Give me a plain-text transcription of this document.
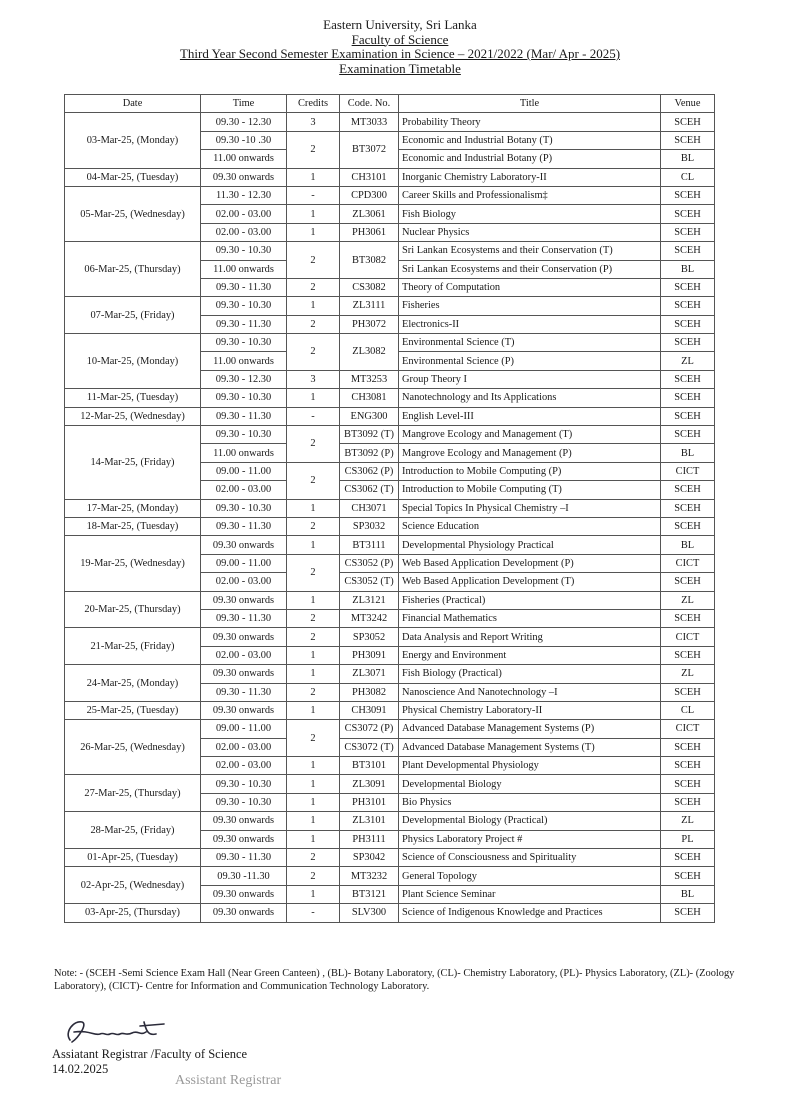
Eastern University, Sri Lanka
Faculty of Science
Third Year Second Semester Examination in Science – 2021/2022 (Mar/ Apr - 2025)
Examination Timetable
Date	Time	Credits	Code. No.	Title	Venue
03-Mar-25, (Monday)	09.30 - 12.30	3	MT3033	Probability Theory	SCEH
	09.30 -10 .30	2	BT3072	Economic and Industrial Botany (T)	SCEH
	11.00 onwards			Economic and Industrial Botany (P)	BL
04-Mar-25, (Tuesday)	09.30 onwards	1	CH3101	Inorganic Chemistry Laboratory-II	CL
05-Mar-25, (Wednesday)	11.30 - 12.30	-	CPD300	Career Skills and Professionalism‡	SCEH
	02.00 - 03.00	1	ZL3061	Fish Biology	SCEH
	02.00 - 03.00	1	PH3061	Nuclear Physics	SCEH
06-Mar-25, (Thursday)	09.30 - 10.30	2	BT3082	Sri Lankan Ecosystems and their Conservation (T)	SCEH
	11.00 onwards			Sri Lankan Ecosystems and their Conservation (P)	BL
	09.30 - 11.30	2	CS3082	Theory of Computation	SCEH
07-Mar-25, (Friday)	09.30 - 10.30	1	ZL3111	Fisheries	SCEH
	09.30 - 11.30	2	PH3072	Electronics-II	SCEH
10-Mar-25, (Monday)	09.30 - 10.30	2	ZL3082	Environmental Science (T)	SCEH
	11.00 onwards			Environmental Science (P)	ZL
	09.30 - 12.30	3	MT3253	Group Theory I	SCEH
11-Mar-25, (Tuesday)	09.30 - 10.30	1	CH3081	Nanotechnology and Its Applications	SCEH
12-Mar-25, (Wednesday)	09.30 - 11.30	-	ENG300	English Level-III	SCEH
14-Mar-25, (Friday)	09.30 - 10.30	2	BT3092 (T)	Mangrove Ecology and Management (T)	SCEH
	11.00 onwards		BT3092 (P)	Mangrove Ecology and Management (P)	BL
	09.00 - 11.00	2	CS3062 (P)	Introduction to Mobile Computing (P)	CICT
	02.00 - 03.00		CS3062 (T)	Introduction to Mobile Computing (T)	SCEH
17-Mar-25, (Monday)	09.30 - 10.30	1	CH3071	Special Topics In Physical Chemistry –I	SCEH
18-Mar-25, (Tuesday)	09.30 - 11.30	2	SP3032	Science Education	SCEH
19-Mar-25, (Wednesday)	09.30 onwards	1	BT3111	Developmental Physiology Practical	BL
	09.00 - 11.00	2	CS3052 (P)	Web Based Application Development (P)	CICT
	02.00 - 03.00		CS3052 (T)	Web Based Application Development (T)	SCEH
20-Mar-25, (Thursday)	09.30 onwards	1	ZL3121	Fisheries (Practical)	ZL
	09.30 - 11.30	2	MT3242	Financial Mathematics	SCEH
21-Mar-25, (Friday)	09.30 onwards	2	SP3052	Data Analysis and Report Writing	CICT
	02.00 - 03.00	1	PH3091	Energy and Environment	SCEH
24-Mar-25, (Monday)	09.30 onwards	1	ZL3071	Fish Biology (Practical)	ZL
	09.30 - 11.30	2	PH3082	Nanoscience And Nanotechnology –I	SCEH
25-Mar-25, (Tuesday)	09.30 onwards	1	CH3091	Physical Chemistry Laboratory-II	CL
26-Mar-25, (Wednesday)	09.00 - 11.00	2	CS3072 (P)	Advanced Database Management Systems (P)	CICT
	02.00 - 03.00		CS3072 (T)	Advanced Database Management Systems (T)	SCEH
	02.00 - 03.00	1	BT3101	Plant Developmental Physiology	SCEH
27-Mar-25, (Thursday)	09.30 - 10.30	1	ZL3091	Developmental Biology	SCEH
	09.30 - 10.30	1	PH3101	Bio Physics	SCEH
28-Mar-25, (Friday)	09.30 onwards	1	ZL3101	Developmental Biology (Practical)	ZL
	09.30 onwards	1	PH3111	Physics Laboratory Project #	PL
01-Apr-25, (Tuesday)	09.30 - 11.30	2	SP3042	Science of Consciousness and Spirituality	SCEH
02-Apr-25, (Wednesday)	09.30 -11.30	2	MT3232	General Topology	SCEH
	09.30 onwards	1	BT3121	Plant Science Seminar	BL
03-Apr-25, (Thursday)	09.30 onwards	-	SLV300	Science of Indigenous Knowledge and Practices	SCEH
Note: - (SCEH -Semi Science Exam Hall (Near Green Canteen) , (BL)- Botany Laboratory, (CL)- Chemistry Laboratory, (PL)- Physics Laboratory, (ZL)- (Zoology Laboratory), (CICT)- Centre for Information and Communication Technology Laboratory.
Assiatant Registrar /Faculty of Science
14.02.2025
Assistant Registrar
